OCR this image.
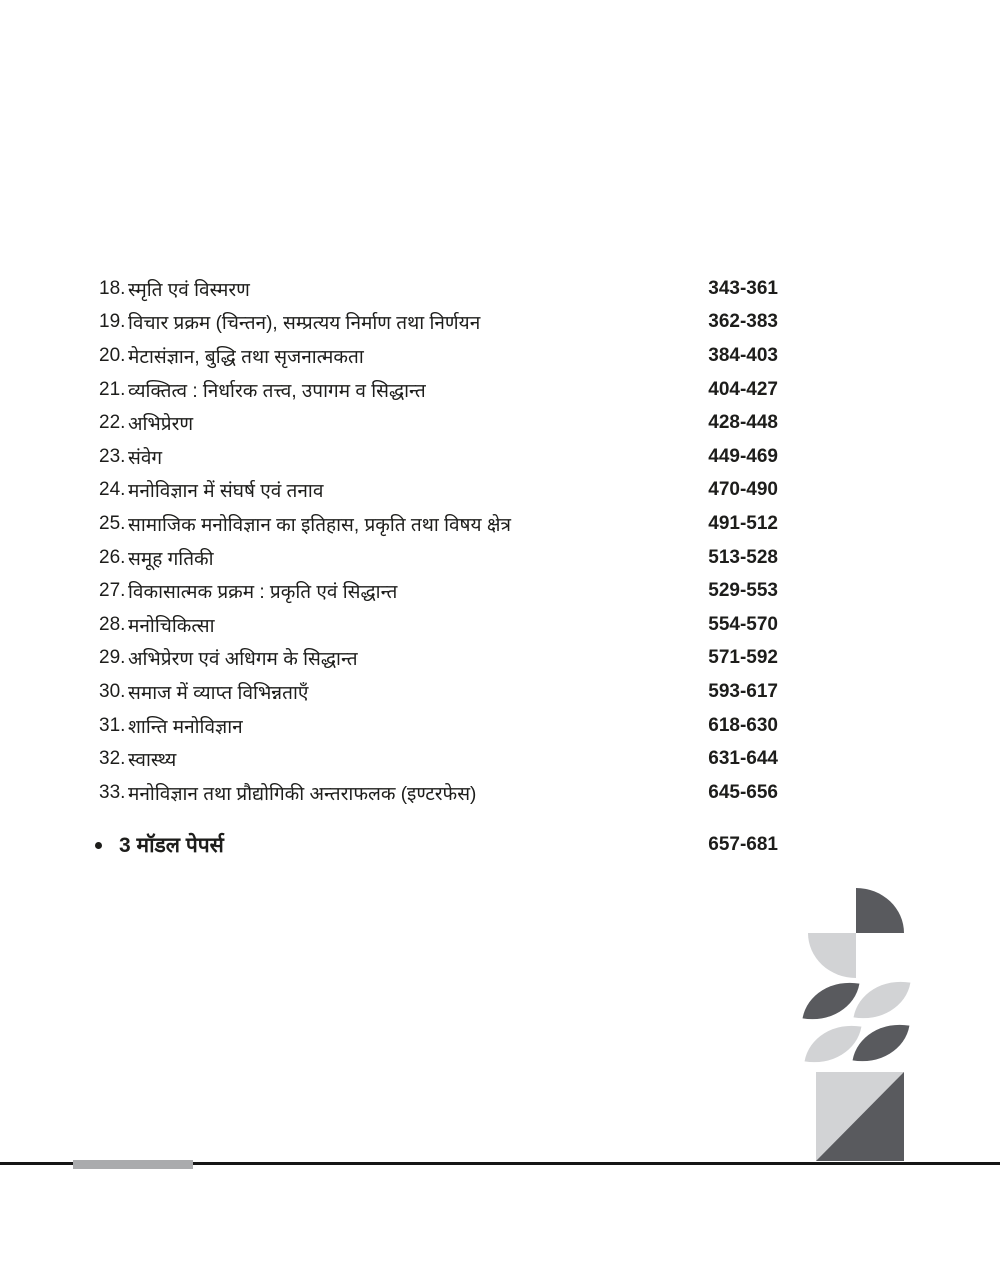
18. स्मृति एवं विस्मरण	343-361
19. विचार प्रक्रम (चिन्तन), सम्प्रत्यय निर्माण तथा निर्णयन	362-383
20. मेटासंज्ञान, बुद्धि तथा सृजनात्मकता	384-403
21. व्यक्तित्व : निर्धारक तत्त्व, उपागम व सिद्धान्त	404-427
22. अभिप्रेरण	428-448
23. संवेग	449-469
24. मनोविज्ञान में संघर्ष एवं तनाव	470-490
25. सामाजिक मनोविज्ञान का इतिहास, प्रकृति तथा विषय क्षेत्र	491-512
26. समूह गतिकी	513-528
27. विकासात्मक प्रक्रम : प्रकृति एवं सिद्धान्त	529-553
28. मनोचिकित्सा	554-570
29. अभिप्रेरण एवं अधिगम के सिद्धान्त	571-592
30. समाज में व्याप्त विभिन्नताएँ	593-617
31. शान्ति मनोविज्ञान	618-630
32. स्वास्थ्य	631-644
33. मनोविज्ञान तथा प्रौद्योगिकी अन्तराफलक (इण्टरफेस)	645-656
3 मॉडल पेपर्स	657-681
